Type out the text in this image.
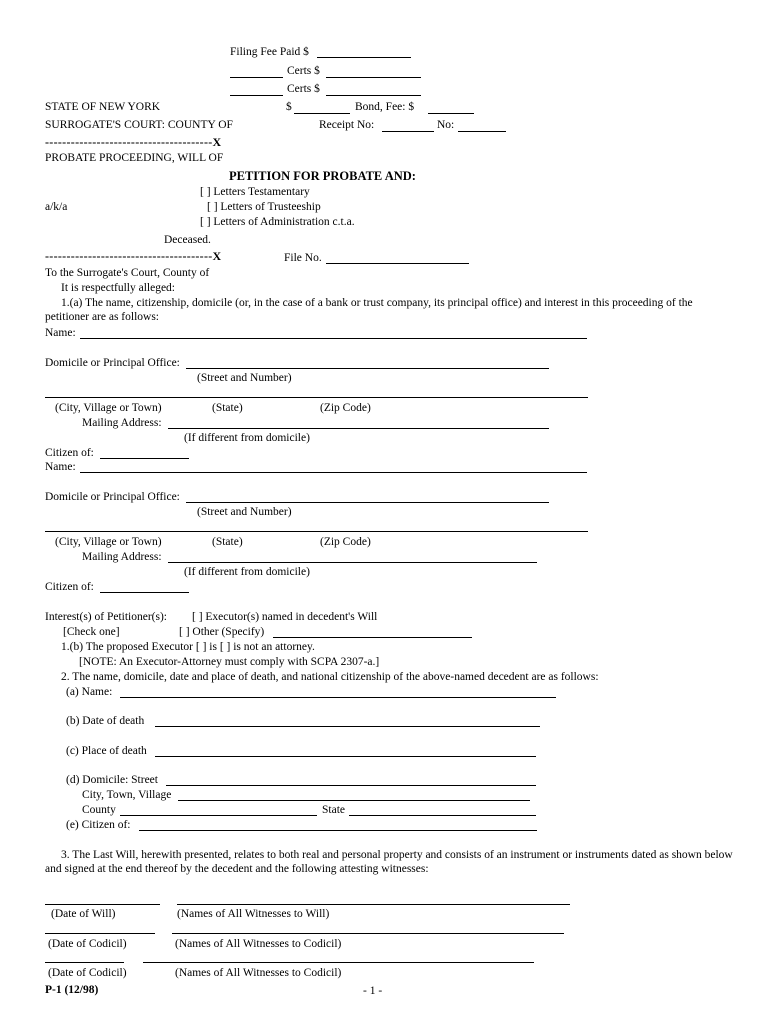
Filing Fee Paid $
Certs $
Certs $
STATE OF NEW YORK	$	Bond, Fee: $
SURROGATE'S COURT: COUNTY OF	Receipt No:	No:
---------------------------------------X
PROBATE PROCEEDING, WILL OF
PETITION FOR PROBATE AND:
[ ] Letters Testamentary
a/k/a	[ ] Letters of Trusteeship
[ ] Letters of Administration c.t.a.
Deceased.
---------------------------------------X	File No.
To the Surrogate's Court, County of
It is respectfully alleged:
1.(a) The name, citizenship, domicile (or, in the case of a bank or trust company, its principal office) and interest in this proceeding of the petitioner are as follows:
Name:
Domicile or Principal Office:
(Street and Number)
(City, Village or Town)	(State)	(Zip Code)
Mailing Address:
(If different from domicile)
Citizen of:
Name:
Domicile or Principal Office:
(Street and Number)
(City, Village or Town)	(State)	(Zip Code)
Mailing Address:
(If different from domicile)
Citizen of:
Interest(s) of Petitioner(s): [ ] Executor(s) named in decedent's Will
[Check one]	[ ] Other (Specify)
1.(b) The proposed Executor [ ] is [ ] is not an attorney.
[NOTE: An Executor-Attorney must comply with SCPA 2307-a.]
2. The name, domicile, date and place of death, and national citizenship of the above-named decedent are as follows:
(a) Name:
(b) Date of death
(c) Place of death
(d) Domicile: Street
City, Town, Village
County	State
(e) Citizen of:
3. The Last Will, herewith presented, relates to both real and personal property and consists of an instrument or instruments dated as shown below and signed at the end thereof by the decedent and the following attesting witnesses:
(Date of Will)	(Names of All Witnesses to Will)
(Date of Codicil)	(Names of All Witnesses to Codicil)
(Date of Codicil)	(Names of All Witnesses to Codicil)
P-1 (12/98)	- 1 -
